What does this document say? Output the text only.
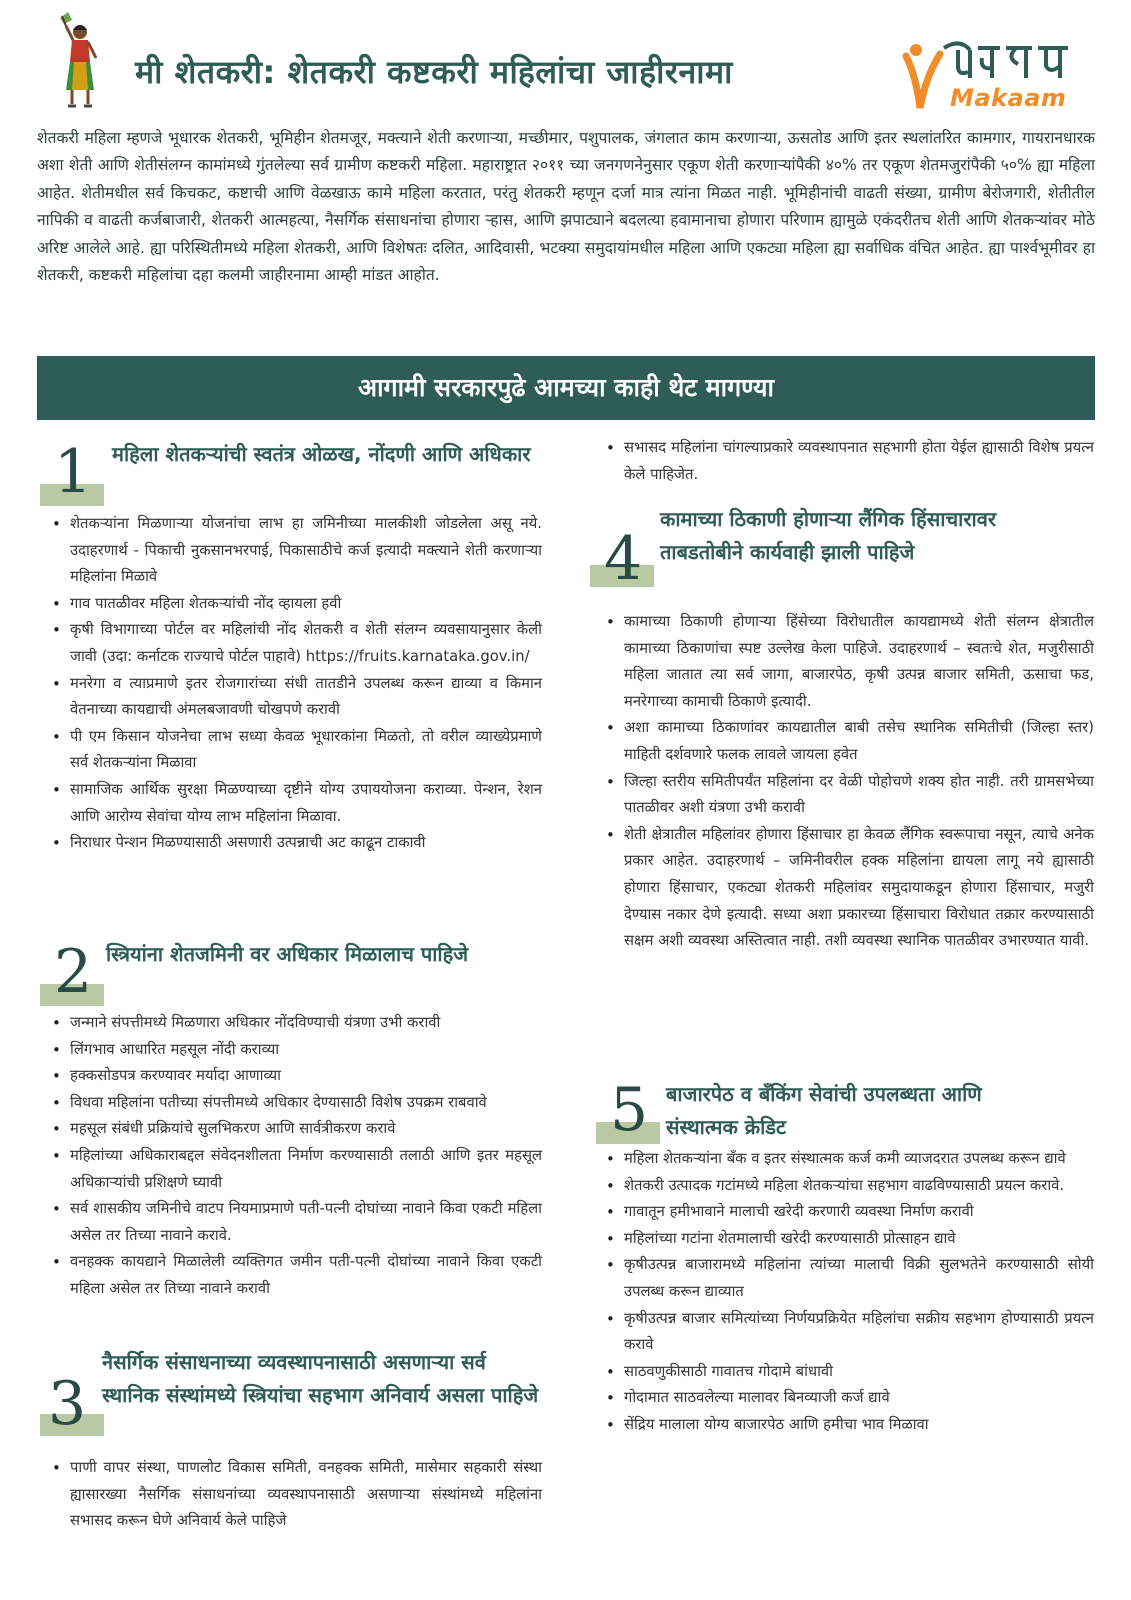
मी शेतकरी: शेतकरी कष्टकरी महिलांचा जाहीरनामा
Makaam
शेतकरी महिला म्हणजे भूधारक शेतकरी, भूमिहीन शेतमजूर, मक्त्याने शेती करणाऱ्या, मच्छीमार, पशुपालक, जंगलात काम करणाऱ्या, ऊसतोड आणि इतर स्थलांतरित कामगार, गायरानधारक अशा शेती आणि शेतीसंलग्न कामांमध्ये गुंतलेल्या सर्व ग्रामीण कष्टकरी महिला. महाराष्ट्रात २०११ च्या जनगणनेनुसार एकूण शेती करणाऱ्यांपैकी ४०% तर एकूण शेतमजुरांपैकी ५०% ह्या महिला आहेत. शेतीमधील सर्व किचकट, कष्टाची आणि वेळखाऊ कामे महिला करतात, परंतु शेतकरी म्हणून दर्जा मात्र त्यांना मिळत नाही. भूमिहीनांची वाढती संख्या, ग्रामीण बेरोजगारी, शेतीतील नापिकी व वाढती कर्जबाजारी, शेतकरी आत्महत्या, नैसर्गिक संसाधनांचा होणारा ऱ्हास, आणि झपाट्याने बदलत्या हवामानाचा होणारा परिणाम ह्यामुळे एकंदरीतच शेती आणि शेतकऱ्यांवर मोठे अरिष्ट आलेले आहे. ह्या परिस्थितीमध्ये महिला शेतकरी, आणि विशेषतः दलित, आदिवासी, भटक्या समुदायांमधील महिला आणि एकट्या महिला ह्या सर्वाधिक वंचित आहेत. ह्या पार्श्वभूमीवर हा शेतकरी, कष्टकरी महिलांचा दहा कलमी जाहीरनामा आम्ही मांडत आहोत.
आगामी सरकारपुढे आमच्या काही थेट मागण्या
1 महिला शेतकऱ्यांची स्वतंत्र ओळख, नोंदणी आणि अधिकार
• शेतकऱ्यांना मिळणाऱ्या योजनांचा लाभ हा जमिनीच्या मालकीशी जोडलेला असू नये. उदाहरणार्थ - पिकाची नुकसानभरपाई, पिकासाठीचे कर्ज इत्यादी मक्त्याने शेती करणाऱ्या महिलांना मिळावे
• गाव पातळीवर महिला शेतकऱ्यांची नोंद व्हायला हवी
• कृषी विभागाच्या पोर्टल वर महिलांची नोंद शेतकरी व शेती संलग्न व्यवसायानुसार केली जावी (उदा: कर्नाटक राज्याचे पोर्टल पाहावे) https://fruits.karnataka.gov.in/
• मनरेगा व त्याप्रमाणे इतर रोजगारांच्या संधी तातडीने उपलब्ध करून द्याव्या व किमान वेतनाच्या कायद्याची अंमलबजावणी चोखपणे करावी
• पी एम किसान योजनेचा लाभ सध्या केवळ भूधारकांना मिळतो, तो वरील व्याख्येप्रमाणे सर्व शेतकऱ्यांना मिळावा
• सामाजिक आर्थिक सुरक्षा मिळण्याच्या दृष्टीने योग्य उपाययोजना कराव्या. पेन्शन, रेशन आणि आरोग्य सेवांचा योग्य लाभ महिलांना मिळावा.
• निराधार पेन्शन मिळण्यासाठी असणारी उत्पन्नाची अट काढून टाकावी
2 स्त्रियांना शेतजमिनी वर अधिकार मिळालाच पाहिजे
• जन्माने संपत्तीमध्ये मिळणारा अधिकार नोंदविण्याची यंत्रणा उभी करावी
• लिंगभाव आधारित महसूल नोंदी कराव्या
• हक्कसोडपत्र करण्यावर मर्यादा आणाव्या
• विधवा महिलांना पतीच्या संपत्तीमध्ये अधिकार देण्यासाठी विशेष उपक्रम राबवावे
• महसूल संबंधी प्रक्रियांचे सुलभिकरण आणि सार्वत्रीकरण करावे
• महिलांच्या अधिकाराबद्दल संवेदनशीलता निर्माण करण्यासाठी तलाठी आणि इतर महसूल अधिकाऱ्यांची प्रशिक्षणे घ्यावी
• सर्व शासकीय जमिनीचे वाटप नियमाप्रमाणे पती-पत्नी दोघांच्या नावाने किवा एकटी महिला असेल तर तिच्या नावाने करावे.
• वनहक्क कायद्याने मिळालेली व्यक्तिगत जमीन पती-पत्नी दोघांच्या नावाने किवा एकटी महिला असेल तर तिच्या नावाने करावी
3
नैसर्गिक संसाधनाच्या व्यवस्थापनासाठी असणाऱ्या सर्व स्थानिक संस्थांमध्ये स्त्रियांचा सहभाग अनिवार्य असला पाहिजे
• पाणी वापर संस्था, पाणलोट विकास समिती, वनहक्क समिती, मासेमार सहकारी संस्था ह्यासारख्या नैसर्गिक संसाधनांच्या व्यवस्थापनासाठी असणाऱ्या संस्थांमध्ये महिलांना सभासद करून घेणे अनिवार्य केले पाहिजे
• सभासद महिलांना चांगल्याप्रकारे व्यवस्थापनात सहभागी होता येईल ह्यासाठी विशेष प्रयत्न केले पाहिजेत.
4
कामाच्या ठिकाणी होणाऱ्या लैंगिक हिंसाचारावर ताबडतोबीने कार्यवाही झाली पाहिजे
• कामाच्या ठिकाणी होणाऱ्या हिंसेच्या विरोधातील कायद्यामध्ये शेती संलग्न क्षेत्रातील कामाच्या ठिकाणांचा स्पष्ट उल्लेख केला पाहिजे. उदाहरणार्थ – स्वतःचे शेत, मजुरीसाठी महिला जातात त्या सर्व जागा, बाजारपेठ, कृषी उत्पन्न बाजार समिती, ऊसाचा फड, मनरेगाच्या कामाची ठिकाणे इत्यादी.
• अशा कामाच्या ठिकाणांवर कायद्यातील बाबी तसेच स्थानिक समितीची (जिल्हा स्तर) माहिती दर्शवणारे फलक लावले जायला हवेत
• जिल्हा स्तरीय समितीपर्यंत महिलांना दर वेळी पोहोचणे शक्य होत नाही. तरी ग्रामसभेच्या पातळीवर अशी यंत्रणा उभी करावी
• शेती क्षेत्रातील महिलांवर होणारा हिंसाचार हा केवळ लैंगिक स्वरूपाचा नसून, त्याचे अनेक प्रकार आहेत. उदाहरणार्थ – जमिनीवरील हक्क महिलांना द्यायला लागू नये ह्यासाठी होणारा हिंसाचार, एकट्या शेतकरी महिलांवर समुदायाकडून होणारा हिंसाचार, मजुरी देण्यास नकार देणे इत्यादी. सध्या अशा प्रकारच्या हिंसाचारा विरोधात तक्रार करण्यासाठी सक्षम अशी व्यवस्था अस्तित्वात नाही. तशी व्यवस्था स्थानिक पातळीवर उभारण्यात यावी.
5 बाजारपेठ व बँकिंग सेवांची उपलब्धता आणि संस्थात्मक क्रेडिट
• महिला शेतकऱ्यांना बँक व इतर संस्थात्मक कर्ज कमी व्याजदरात उपलब्ध करून द्यावे
• शेतकरी उत्पादक गटांमध्ये महिला शेतकऱ्यांचा सहभाग वाढविण्यासाठी प्रयत्न करावे.
• गावातून हमीभावाने मालाची खरेदी करणारी व्यवस्था निर्माण करावी
• महिलांच्या गटांना शेतमालाची खरेदी करण्यासाठी प्रोत्साहन द्यावे
• कृषीउत्पन्न बाजारामध्ये महिलांना त्यांच्या मालाची विक्री सुलभतेने करण्यासाठी सोयी उपलब्ध करून द्याव्यात
• कृषीउत्पन्न बाजार समित्यांच्या निर्णयप्रक्रियेत महिलांचा सक्रीय सहभाग होण्यासाठी प्रयत्न करावे
• साठवणुकीसाठी गावातच गोदामे बांधावी
• गोदामात साठवलेल्या मालावर बिनव्याजी कर्ज द्यावे
• सेंद्रिय मालाला योग्य बाजारपेठ आणि हमीचा भाव मिळावा
